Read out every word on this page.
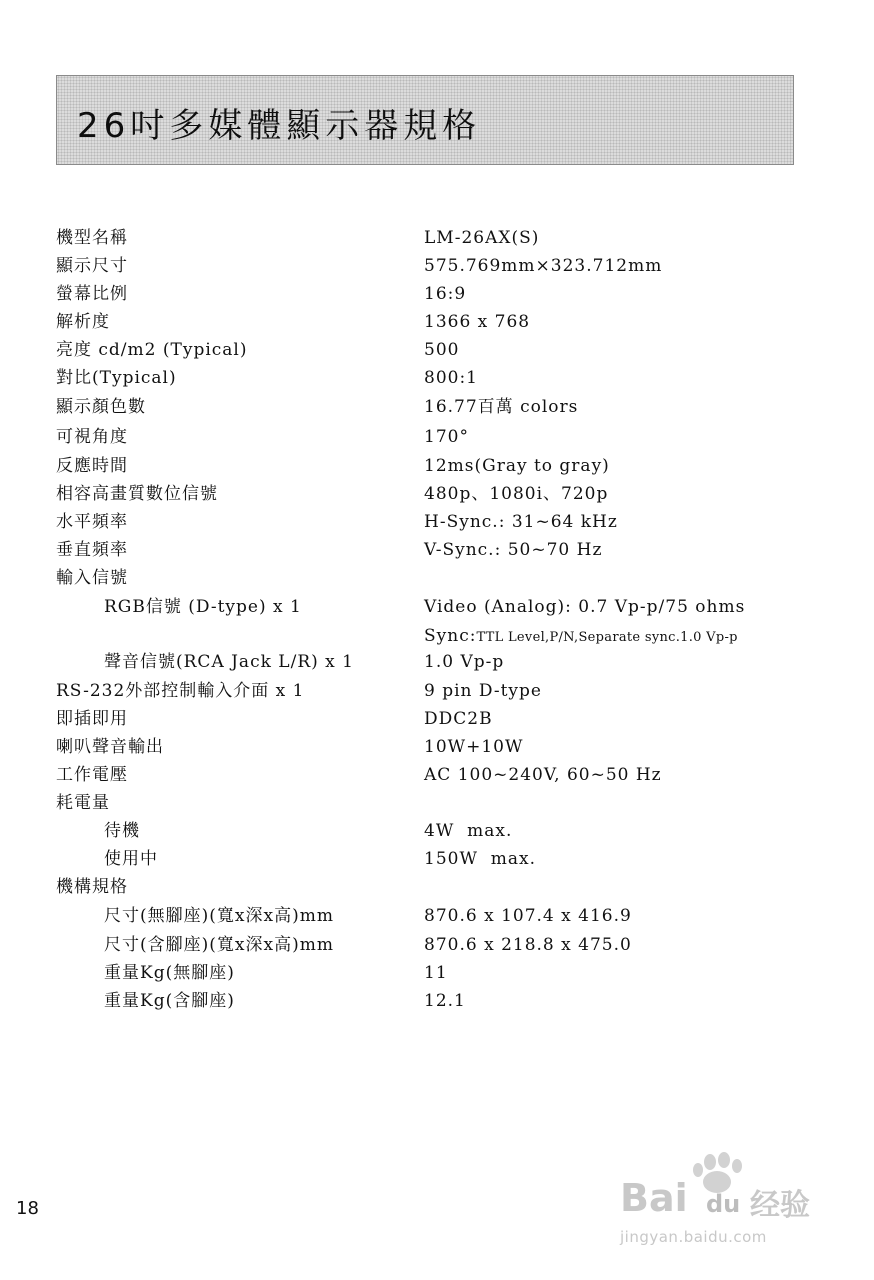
26吋多媒體顯示器規格
機型名稱	LM-26AX(S)
顯示尺寸	575.769mm×323.712mm
螢幕比例	16:9
解析度	1366 x 768
亮度 cd/m2 (Typical)	500
對比(Typical)	800:1
顯示顏色數	16.77百萬 colors
可視角度	170°
反應時間	12ms(Gray to gray)
相容高畫質數位信號	480p、1080i、720p
水平頻率	H-Sync.: 31~64 kHz
垂直頻率	V-Sync.: 50~70 Hz
輸入信號
RGB信號 (D-type) x 1	Video (Analog): 0.7 Vp-p/75 ohms
Sync:TTL Level,P/N,Separate sync.1.0 Vp-p
聲音信號(RCA Jack L/R) x 1	1.0 Vp-p
RS-232外部控制輸入介面 x 1	9 pin D-type
即插即用	DDC2B
喇叭聲音輸出	10W+10W
工作電壓	AC 100~240V, 60~50 Hz
耗電量
待機	4W  max.
使用中	150W  max.
機構規格
尺寸(無腳座)(寬x深x高)mm	870.6 x 107.4 x 416.9
尺寸(含腳座)(寬x深x高)mm	870.6 x 218.8 x 475.0
重量Kg(無腳座)	11
重量Kg(含腳座)	12.1
18	Bai du 经验
jingyan.baidu.com
